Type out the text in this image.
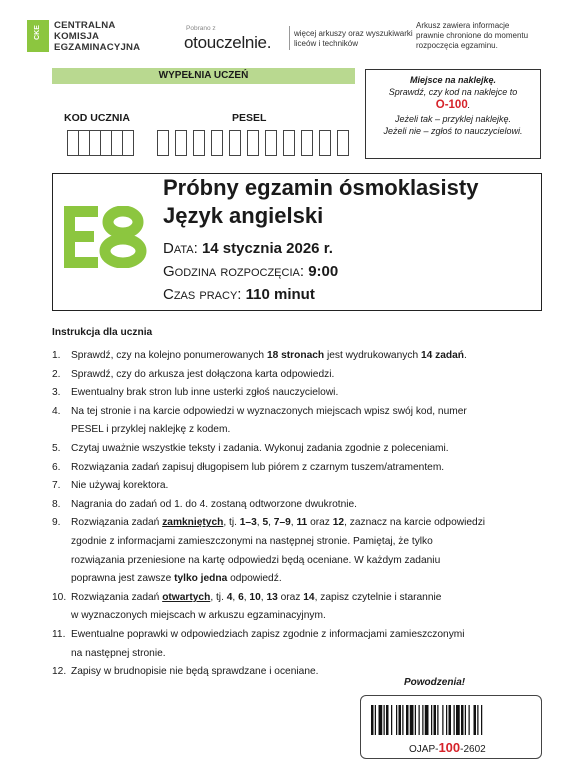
CKE CENTRALNA
KOMISJA
EGZAMINACYJNA
Pobrano z
otouczelnie.	więcej arkuszy oraz wyszukiwarki
liceów i techników
Arkusz zawiera informacje
prawnie chronione do momentu
rozpoczęcia egzaminu.
WYPEŁNIA UCZEŃ
KOD UCZNIA	PESEL
Miejsce na naklejkę.
Sprawdź, czy kod na naklejce to
O-100.
Jeżeli tak – przyklej naklejkę.
Jeżeli nie – zgłoś to nauczycielowi.
Próbny egzamin ósmoklasisty
Język angielski
Data: 14 stycznia 2026 r.
Godzina rozpoczęcia: 9:00
Czas pracy: 110 minut
Instrukcja dla ucznia
1. Sprawdź, czy na kolejno ponumerowanych 18 stronach jest wydrukowanych 14 zadań.
2. Sprawdź, czy do arkusza jest dołączona karta odpowiedzi.
3. Ewentualny brak stron lub inne usterki zgłoś nauczycielowi.
4. Na tej stronie i na karcie odpowiedzi w wyznaczonych miejscach wpisz swój kod, numer
PESEL i przyklej naklejkę z kodem.
5. Czytaj uważnie wszystkie teksty i zadania. Wykonuj zadania zgodnie z poleceniami.
6. Rozwiązania zadań zapisuj długopisem lub piórem z czarnym tuszem/atramentem.
7. Nie używaj korektora.
8. Nagrania do zadań od 1. do 4. zostaną odtworzone dwukrotnie.
9. Rozwiązania zadań zamkniętych, tj. 1–3, 5, 7–9, 11 oraz 12, zaznacz na karcie odpowiedzi
zgodnie z informacjami zamieszczonymi na następnej stronie. Pamiętaj, że tylko
rozwiązania przeniesione na kartę odpowiedzi będą oceniane. W każdym zadaniu
poprawna jest zawsze tylko jedna odpowiedź.
10. Rozwiązania zadań otwartych, tj. 4, 6, 10, 13 oraz 14, zapisz czytelnie i starannie
w wyznaczonych miejscach w arkuszu egzaminacyjnym.
11. Ewentualne poprawki w odpowiedziach zapisz zgodnie z informacjami zamieszczonymi
na następnej stronie.
12. Zapisy w brudnopisie nie będą sprawdzane i oceniane.
Powodzenia!
OJAP-100-2602
